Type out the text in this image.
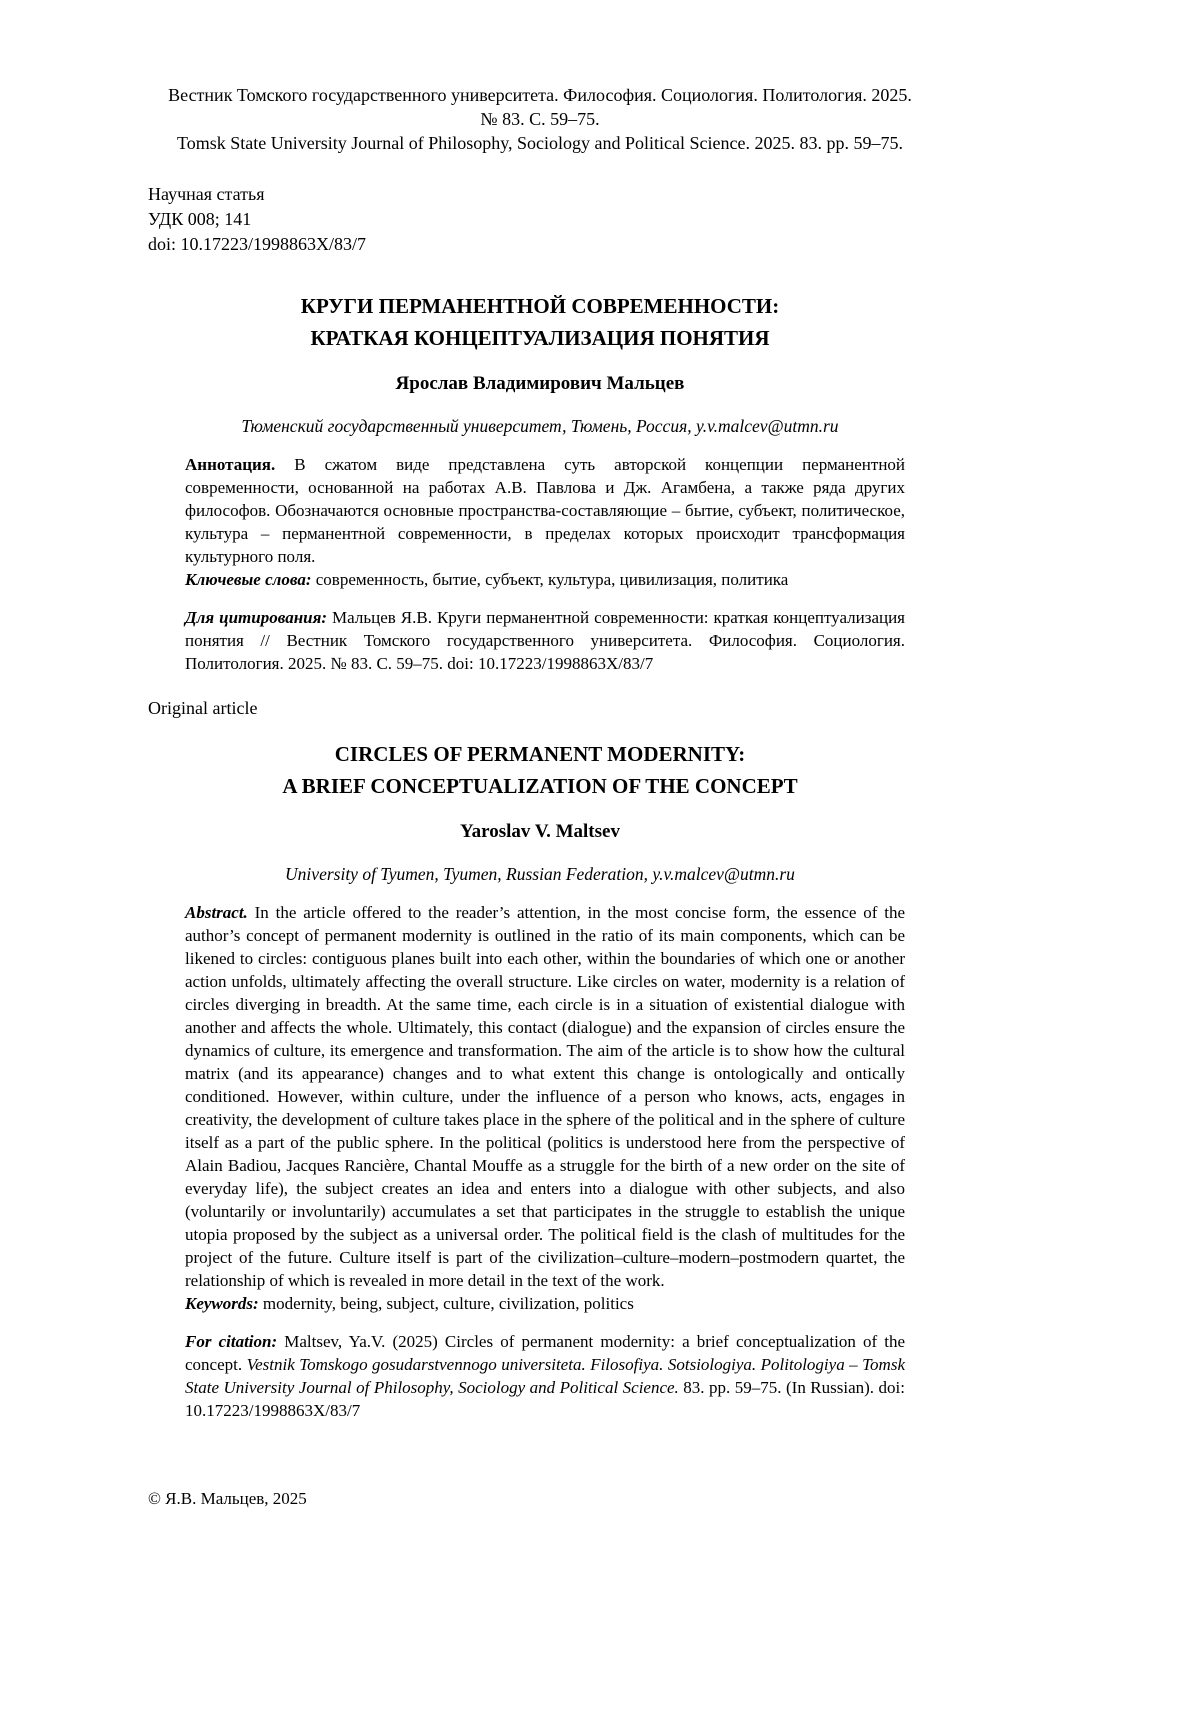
Вестник Томского государственного университета. Философия. Социология. Политология. 2025.

№ 83. С. 59–75.

Tomsk State University Journal of Philosophy, Sociology and Political Science. 2025. 83. pp. 59–75.

Научная статья

УДК 008; 141

doi: 10.17223/1998863X/83/7

КРУГИ ПЕРМАНЕНТНОЙ СОВРЕМЕННОСТИ:
КРАТКАЯ КОНЦЕПТУАЛИЗАЦИЯ ПОНЯТИЯ

Ярослав Владимирович Мальцев

Тюменский государственный университет, Тюмень, Россия, y.v.malcev@utmn.ru

Аннотация. В сжатом виде представлена суть авторской концепции перманентной современности, основанной на работах А.В. Павлова и Дж. Агамбена, а также ряда других философов. Обозначаются основные пространства-составляющие – бытие, субъект, политическое, культура – перманентной современности, в пределах которых происходит трансформация культурного поля.

Ключевые слова: современность, бытие, субъект, культура, цивилизация, политика

Для цитирования: Мальцев Я.В. Круги перманентной современности: краткая концептуализация понятия // Вестник Томского государственного университета. Философия. Социология. Политология. 2025. № 83. С. 59–75. doi: 10.17223/1998863X/83/7

Original article

CIRCLES OF PERMANENT MODERNITY:
A BRIEF CONCEPTUALIZATION OF THE CONCEPT

Yaroslav V. Maltsev

University of Tyumen, Tyumen, Russian Federation, y.v.malcev@utmn.ru

Abstract. In the article offered to the reader’s attention, in the most concise form, the essence of the author’s concept of permanent modernity is outlined in the ratio of its main components, which can be likened to circles: contiguous planes built into each other, within the boundaries of which one or another action unfolds, ultimately affecting the overall structure. Like circles on water, modernity is a relation of circles diverging in breadth. At the same time, each circle is in a situation of existential dialogue with another and affects the whole. Ultimately, this contact (dialogue) and the expansion of circles ensure the dynamics of culture, its emergence and transformation. The aim of the article is to show how the cultural matrix (and its appearance) changes and to what extent this change is ontologically and ontically conditioned. However, within culture, under the influence of a person who knows, acts, engages in creativity, the development of culture takes place in the sphere of the political and in the sphere of culture itself as a part of the public sphere. In the political (politics is understood here from the perspective of Alain Badiou, Jacques Rancière, Chantal Mouffe as a struggle for the birth of a new order on the site of everyday life), the subject creates an idea and enters into a dialogue with other subjects, and also (voluntarily or involuntarily) accumulates a set that participates in the struggle to establish the unique utopia proposed by the subject as a universal order. The political field is the clash of multitudes for the project of the future. Culture itself is part of the civilization–culture–modern–postmodern quartet, the relationship of which is revealed in more detail in the text of the work.

Keywords: modernity, being, subject, culture, civilization, politics

For citation: Maltsev, Ya.V. (2025) Circles of permanent modernity: a brief conceptualization of the concept. Vestnik Tomskogo gosudarstvennogo universiteta. Filosofiya. Sotsiologiya. Politologiya – Tomsk State University Journal of Philosophy, Sociology and Political Science. 83. pp. 59–75. (In Russian). doi: 10.17223/1998863X/83/7

© Я.В. Мальцев, 2025
